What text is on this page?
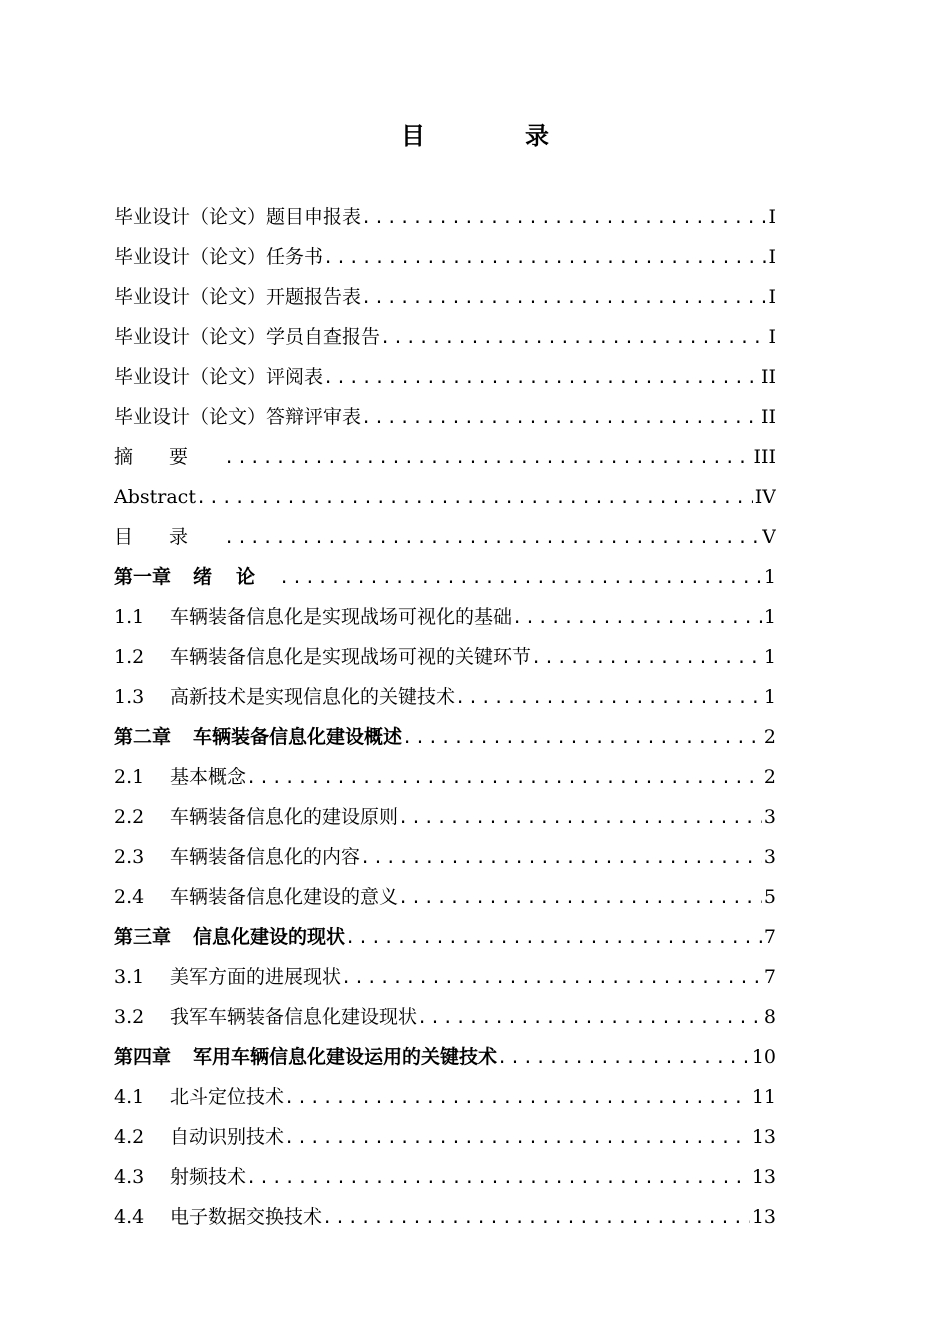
目　录
毕业设计（论文）题目申报表 .....	I
毕业设计（论文）任务书 .....	I
毕业设计（论文）开题报告表 .....	I
毕业设计（论文）学员自查报告 .....	I
毕业设计（论文）评阅表 .....	II
毕业设计（论文）答辩评审表 .....	II
摘要 .....	III
Abstract .....	IV
目录 .....	V
第一章 绪论 .....	1
1.1	车辆装备信息化是实现战场可视化的基础 .....	1
1.2	车辆装备信息化是实现战场可视的关键环节 .....	1
1.3	高新技术是实现信息化的关键技术 .....	1
第二章 车辆装备信息化建设概述 .....	2
2.1	基本概念 .....	2
2.2	车辆装备信息化的建设原则 .....	3
2.3	车辆装备信息化的内容 .....	3
2.4	车辆装备信息化建设的意义 .....	5
第三章 信息化建设的现状 .....	7
3.1	美军方面的进展现状 .....	7
3.2	我军车辆装备信息化建设现状 .....	8
第四章 军用车辆信息化建设运用的关键技术 .....	10
4.1	北斗定位技术 .....	11
4.2	自动识别技术 .....	13
4.3	射频技术 .....	13
4.4	电子数据交换技术 .....	13
